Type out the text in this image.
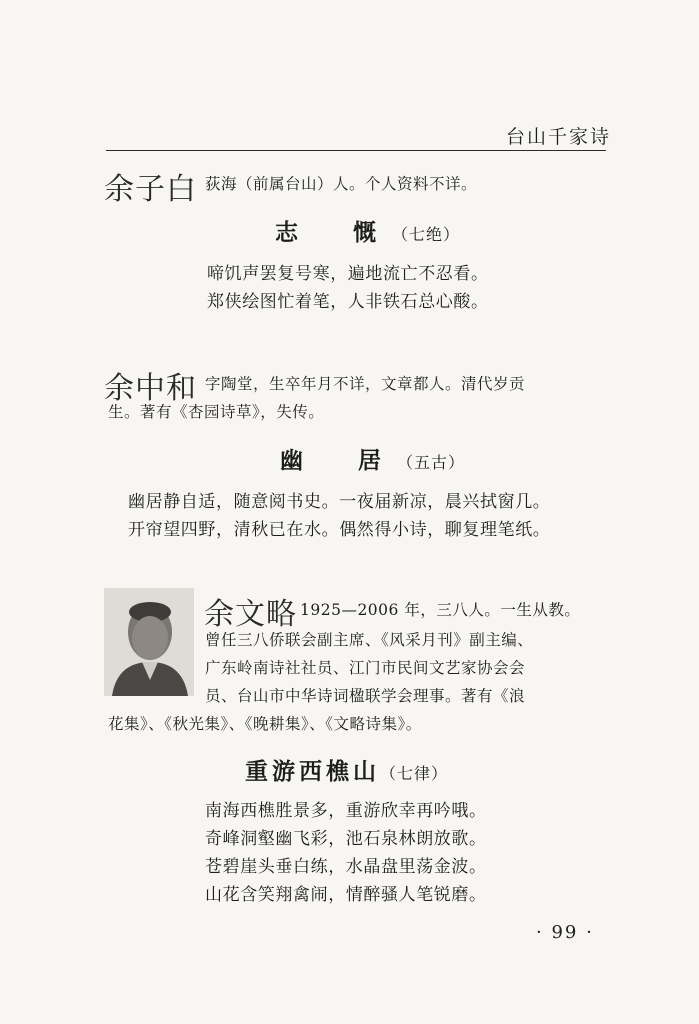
台山千家诗
余子白 荻海（前属台山）人。个人资料不详。
志　慨（七绝）
啼饥声罢复号寒，遍地流亡不忍看。
郑侠绘图忙着笔，人非铁石总心酸。
余中和 字陶堂，生卒年月不详，文章都人。清代岁贡
生。著有《杏园诗草》，失传。
幽　居（五古）
幽居静自适，随意阅书史。一夜届新凉，晨兴拭窗几。
开帘望四野，清秋已在水。偶然得小诗，聊复理笔纸。
余文略 1925—2006 年，三八人。一生从教。
曾任三八侨联会副主席、《风采月刊》副主编、
广东岭南诗社社员、江门市民间文艺家协会会
员、台山市中华诗词楹联学会理事。著有《浪
花集》、《秋光集》、《晚耕集》、《文略诗集》。
重游西樵山（七律）
南海西樵胜景多，重游欣幸再吟哦。
奇峰洞壑幽飞彩，池石泉林朗放歌。
苍碧崖头垂白练，水晶盘里荡金波。
山花含笑翔禽闹，情醉骚人笔锐磨。
· 99 ·
